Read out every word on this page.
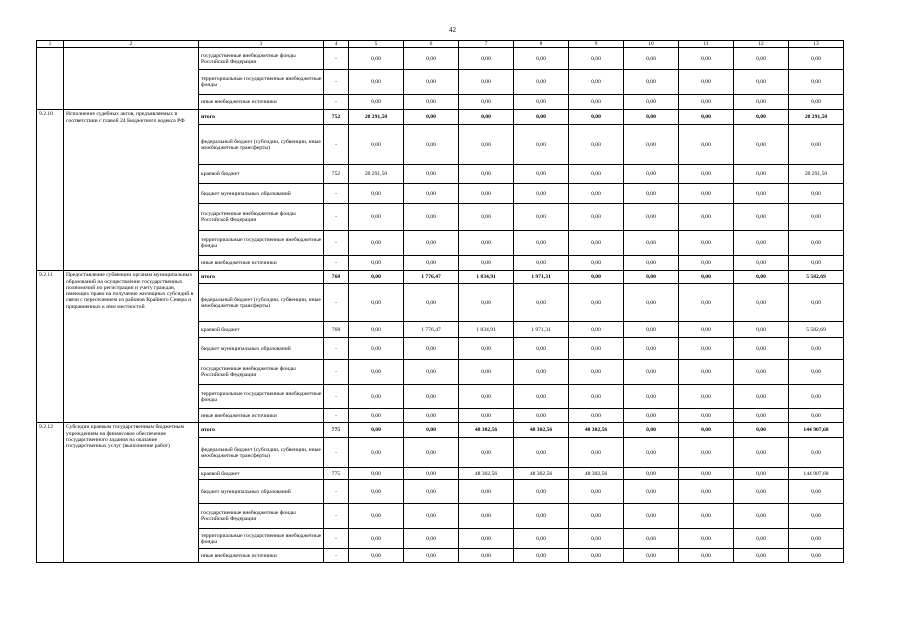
42
1	2	3	4	5	6	7	8	9	10	11	12	13
		государственные внебюджетные фонды Российской Федерации	-	0,00	0,00	0,00	0,00	0,00	0,00	0,00	0,00	0,00
		территориальные государственные внебюджетные фонды	-	0,00	0,00	0,00	0,00	0,00	0,00	0,00	0,00	0,00
		иные внебюджетные источники	-	0,00	0,00	0,00	0,00	0,00	0,00	0,00	0,00	0,00
9.2.10	Исполнение судебных актов, предъявляемых в соответствии с главой 24 Бюджетного кодекса РФ	итого	752	20 291,50	0,00	0,00	0,00	0,00	0,00	0,00	0,00	20 291,50
		федеральный бюджет (субсидии, субвенции, иные межбюджетные трансферты)	-	0,00	0,00	0,00	0,00	0,00	0,00	0,00	0,00	0,00
		краевой бюджет	752	20 291,50	0,00	0,00	0,00	0,00	0,00	0,00	0,00	20 291,50
		бюджет муниципальных образований	-	0,00	0,00	0,00	0,00	0,00	0,00	0,00	0,00	0,00
		государственные внебюджетные фонды Российской Федерации	-	0,00	0,00	0,00	0,00	0,00	0,00	0,00	0,00	0,00
		территориальные государственные внебюджетные фонды	-	0,00	0,00	0,00	0,00	0,00	0,00	0,00	0,00	0,00
		иные внебюджетные источники	-	0,00	0,00	0,00	0,00	0,00	0,00	0,00	0,00	0,00
9.2.11	Предоставление субвенции органам муниципальных образований на осуществление государственных полномочий по регистрации и учету граждан, имеющих право на получение жилищных субсидий в связи с переселением из районов Крайнего Севера и приравненных к ним местностей	итого	768	0,00	1 776,47	1 834,91	1 971,31	0,00	0,00	0,00	0,00	5 582,69
		федеральный бюджет (субсидии, субвенции, иные межбюджетные трансферты)	-	0,00	0,00	0,00	0,00	0,00	0,00	0,00	0,00	0,00
		краевой бюджет	768	0,00	1 776,47	1 834,91	1 971,31	0,00	0,00	0,00	0,00	5 582,69
		бюджет муниципальных образований	-	0,00	0,00	0,00	0,00	0,00	0,00	0,00	0,00	0,00
		государственные внебюджетные фонды Российской Федерации	-	0,00	0,00	0,00	0,00	0,00	0,00	0,00	0,00	0,00
		территориальные государственные внебюджетные фонды	-	0,00	0,00	0,00	0,00	0,00	0,00	0,00	0,00	0,00
		иные внебюджетные источники	-	0,00	0,00	0,00	0,00	0,00	0,00	0,00	0,00	0,00
9.2.12	Субсидии краевым государственным бюджетным учреждениям на финансовое обеспечение государственного задания на оказание государственных услуг (выполнение работ)	итого	775	0,00	0,00	48 302,56	48 302,56	48 302,56	0,00	0,00	0,00	144 907,68
		федеральный бюджет (субсидии, субвенции, иные межбюджетные трансферты)	-	0,00	0,00	0,00	0,00	0,00	0,00	0,00	0,00	0,00
		краевой бюджет	775	0,00	0,00	48 302,56	48 302,56	48 302,56	0,00	0,00	0,00	144 907,68
		бюджет муниципальных образований	-	0,00	0,00	0,00	0,00	0,00	0,00	0,00	0,00	0,00
		государственные внебюджетные фонды Российской Федерации	-	0,00	0,00	0,00	0,00	0,00	0,00	0,00	0,00	0,00
		территориальные государственные внебюджетные фонды	-	0,00	0,00	0,00	0,00	0,00	0,00	0,00	0,00	0,00
		иные внебюджетные источники	-	0,00	0,00	0,00	0,00	0,00	0,00	0,00	0,00	0,00
